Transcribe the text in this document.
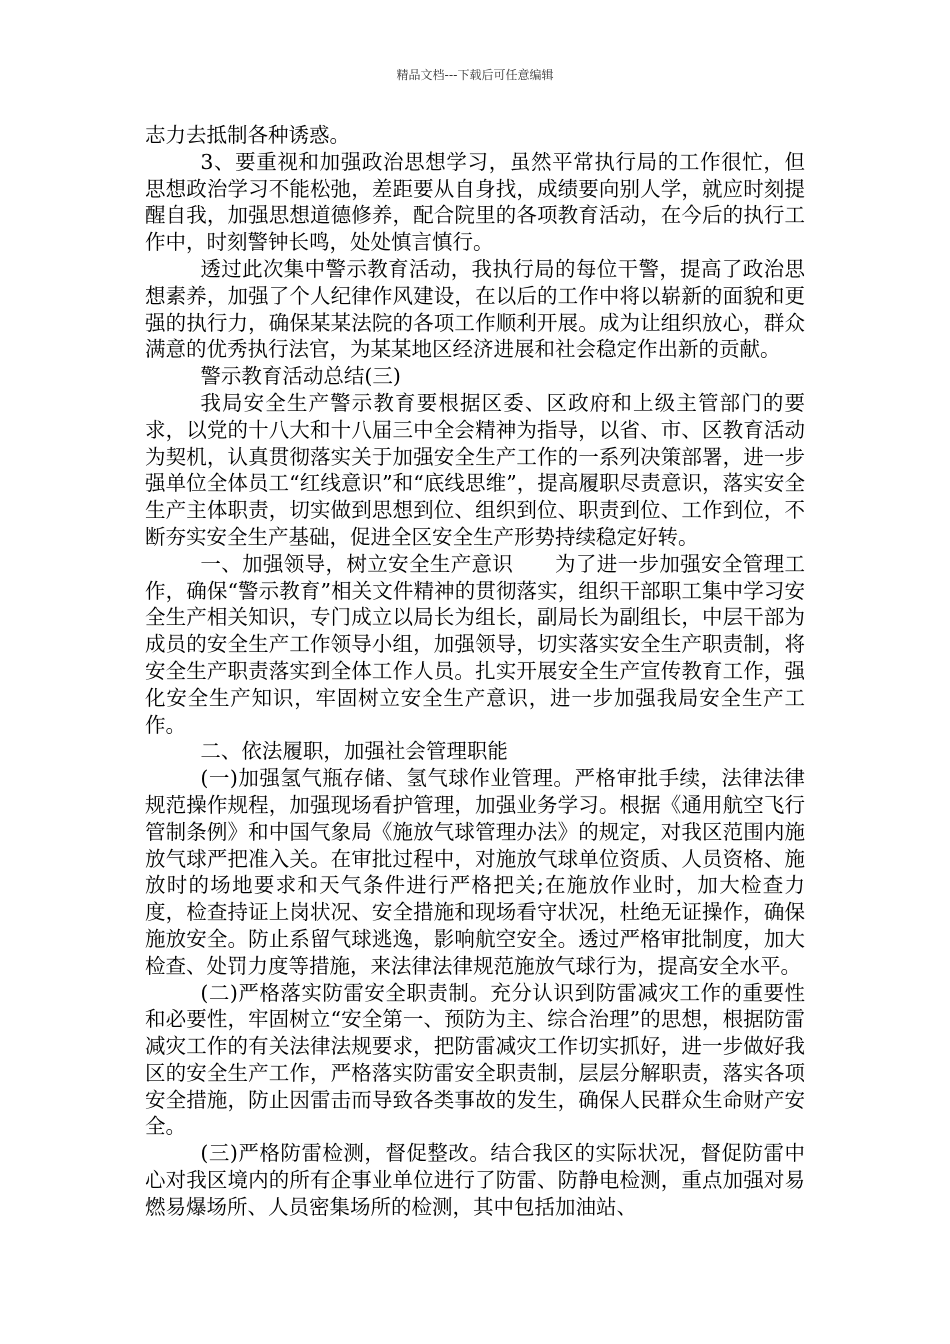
精品文档---下载后可任意编辑

志力去抵制各种诱惑。

3、要重视和加强政治思想学习，虽然平常执行局的工作很忙，但思想政治学习不能松弛，差距要从自身找，成绩要向别人学，就应时刻提醒自我，加强思想道德修养，配合院里的各项教育活动，在今后的执行工作中，时刻警钟长鸣，处处慎言慎行。

透过此次集中警示教育活动，我执行局的每位干警，提高了政治思想素养，加强了个人纪律作风建设，在以后的工作中将以崭新的面貌和更强的执行力，确保某某法院的各项工作顺利开展。成为让组织放心，群众满意的优秀执行法官，为某某地区经济进展和社会稳定作出新的贡献。

警示教育活动总结(三)

我局安全生产警示教育要根据区委、区政府和上级主管部门的要求，以党的十八大和十八届三中全会精神为指导，以省、市、区教育活动为契机，认真贯彻落实关于加强安全生产工作的一系列决策部署，进一步强单位全体员工“红线意识”和“底线思维”，提高履职尽责意识，落实安全生产主体职责，切实做到思想到位、组织到位、职责到位、工作到位，不断夯实安全生产基础，促进全区安全生产形势持续稳定好转。

一、加强领导，树立安全生产意识　　为了进一步加强安全管理工作，确保“警示教育”相关文件精神的贯彻落实，组织干部职工集中学习安全生产相关知识，专门成立以局长为组长，副局长为副组长，中层干部为成员的安全生产工作领导小组，加强领导，切实落实安全生产职责制，将安全生产职责落实到全体工作人员。扎实开展安全生产宣传教育工作，强化安全生产知识，牢固树立安全生产意识，进一步加强我局安全生产工作。

二、依法履职，加强社会管理职能

(一)加强氢气瓶存储、氢气球作业管理。严格审批手续，法律法律规范操作规程，加强现场看护管理，加强业务学习。根据《通用航空飞行管制条例》和中国气象局《施放气球管理办法》的规定，对我区范围内施放气球严把准入关。在审批过程中，对施放气球单位资质、人员资格、施放时的场地要求和天气条件进行严格把关;在施放作业时，加大检查力度，检查持证上岗状况、安全措施和现场看守状况，杜绝无证操作，确保施放安全。防止系留气球逃逸，影响航空安全。透过严格审批制度，加大检查、处罚力度等措施，来法律法律规范施放气球行为，提高安全水平。

(二)严格落实防雷安全职责制。充分认识到防雷减灾工作的重要性和必要性，牢固树立“安全第一、预防为主、综合治理”的思想，根据防雷减灾工作的有关法律法规要求，把防雷减灾工作切实抓好，进一步做好我区的安全生产工作，严格落实防雷安全职责制，层层分解职责，落实各项安全措施，防止因雷击而导致各类事故的发生，确保人民群众生命财产安全。

(三)严格防雷检测，督促整改。结合我区的实际状况，督促防雷中心对我区境内的所有企事业单位进行了防雷、防静电检测，重点加强对易燃易爆场所、人员密集场所的检测，其中包括加油站、
